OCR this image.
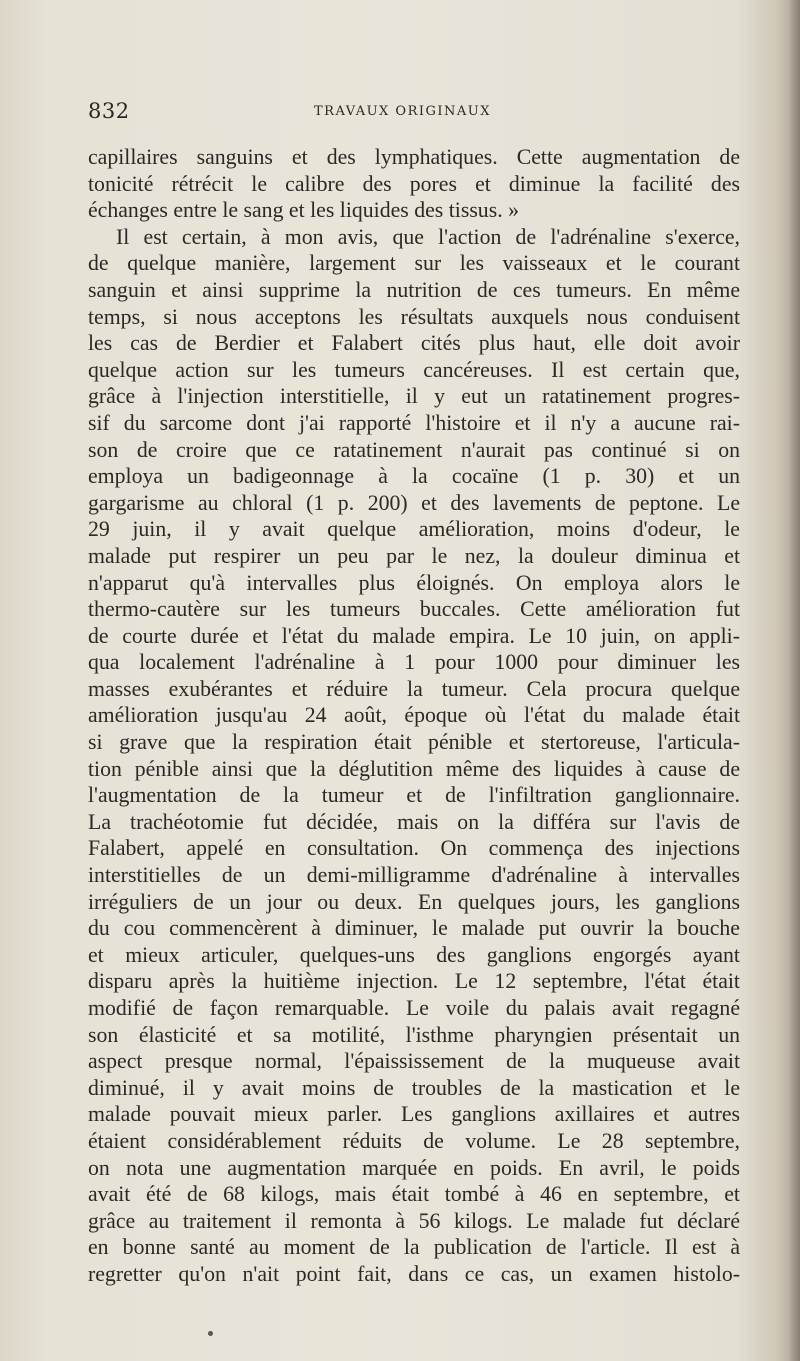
832	TRAVAUX ORIGINAUX
capillaires sanguins et des lymphatiques. Cette augmentation de
tonicité rétrécit le calibre des pores et diminue la facilité des
échanges entre le sang et les liquides des tissus. »
Il est certain, à mon avis, que l'action de l'adrénaline s'exerce,
de quelque manière, largement sur les vaisseaux et le courant
sanguin et ainsi supprime la nutrition de ces tumeurs. En même
temps, si nous acceptons les résultats auxquels nous conduisent
les cas de Berdier et Falabert cités plus haut, elle doit avoir
quelque action sur les tumeurs cancéreuses. Il est certain que,
grâce à l'injection interstitielle, il y eut un ratatinement progres-
sif du sarcome dont j'ai rapporté l'histoire et il n'y a aucune rai-
son de croire que ce ratatinement n'aurait pas continué si on
employa un badigeonnage à la cocaïne (1 p. 30) et un
gargarisme au chloral (1 p. 200) et des lavements de peptone. Le
29 juin, il y avait quelque amélioration, moins d'odeur, le
malade put respirer un peu par le nez, la douleur diminua et
n'apparut qu'à intervalles plus éloignés. On employa alors le
thermo-cautère sur les tumeurs buccales. Cette amélioration fut
de courte durée et l'état du malade empira. Le 10 juin, on appli-
qua localement l'adrénaline à 1 pour 1000 pour diminuer les
masses exubérantes et réduire la tumeur. Cela procura quelque
amélioration jusqu'au 24 août, époque où l'état du malade était
si grave que la respiration était pénible et stertoreuse, l'articula-
tion pénible ainsi que la déglutition même des liquides à cause de
l'augmentation de la tumeur et de l'infiltration ganglionnaire.
La trachéotomie fut décidée, mais on la différa sur l'avis de
Falabert, appelé en consultation. On commença des injections
interstitielles de un demi-milligramme d'adrénaline à intervalles
irréguliers de un jour ou deux. En quelques jours, les ganglions
du cou commencèrent à diminuer, le malade put ouvrir la bouche
et mieux articuler, quelques-uns des ganglions engorgés ayant
disparu après la huitième injection. Le 12 septembre, l'état était
modifié de façon remarquable. Le voile du palais avait regagné
son élasticité et sa motilité, l'isthme pharyngien présentait un
aspect presque normal, l'épaississement de la muqueuse avait
diminué, il y avait moins de troubles de la mastication et le
malade pouvait mieux parler. Les ganglions axillaires et autres
étaient considérablement réduits de volume. Le 28 septembre,
on nota une augmentation marquée en poids. En avril, le poids
avait été de 68 kilogs, mais était tombé à 46 en septembre, et
grâce au traitement il remonta à 56 kilogs. Le malade fut déclaré
en bonne santé au moment de la publication de l'article. Il est à
regretter qu'on n'ait point fait, dans ce cas, un examen histolo-
